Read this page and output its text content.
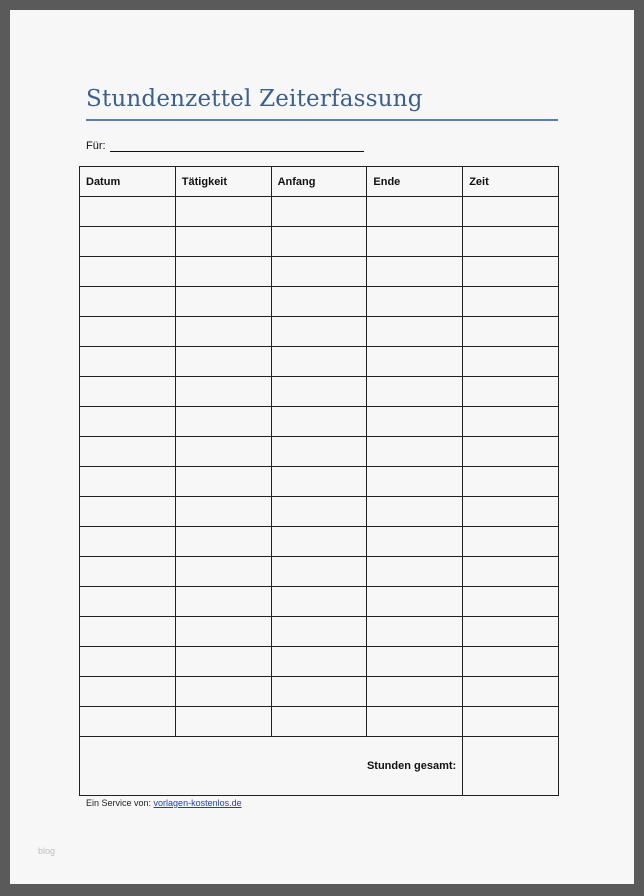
Stundenzettel Zeiterfassung
Für:
Datum	Tätigkeit	Anfang	Ende	Zeit

Stunden gesamt:				
Ein Service von: vorlagen-kostenlos.de
blog
